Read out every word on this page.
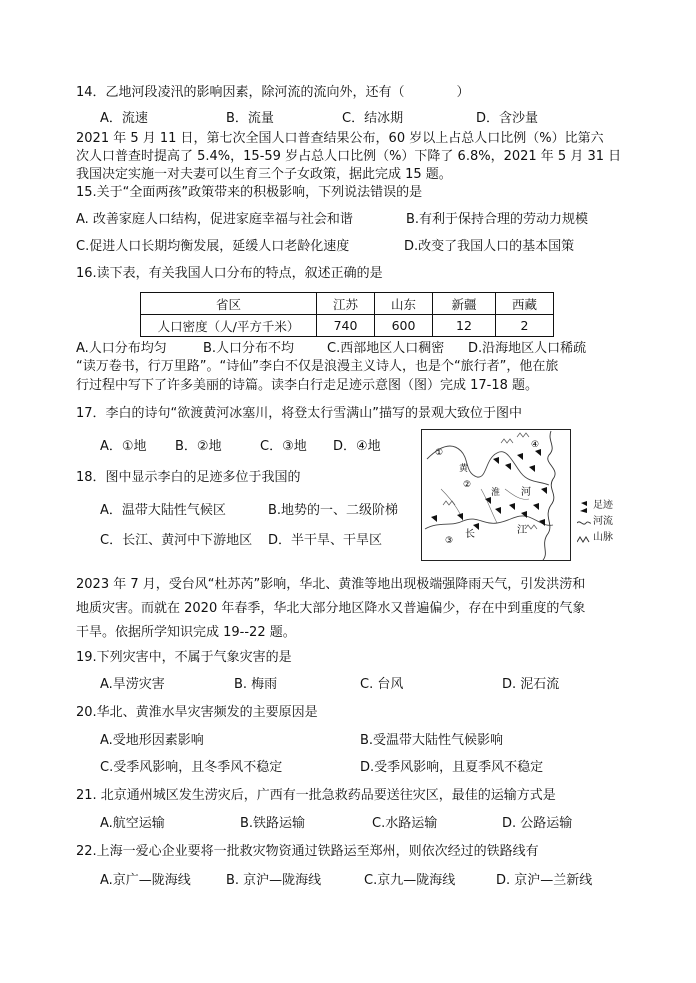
14．乙地河段凌汛的影响因素，除河流的流向外，还有（	）
A．流速	B．流量	C．结冰期	D．含沙量
2021 年 5 月 11 日，第七次全国人口普查结果公布，60 岁以上占总人口比例（%）比第六
次人口普查时提高了 5.4%，15-59 岁占总人口比例（%）下降了 6.8%，2021 年 5 月 31 日
我国决定实施一对夫妻可以生育三个子女政策，据此完成 15 题。
15.关于“全面两孩”政策带来的积极影响，下列说法错误的是
A. 改善家庭人口结构，促进家庭幸福与社会和谐	B.有利于保持合理的劳动力规模
C.促进人口长期均衡发展，延缓人口老龄化速度	D.改变了我国人口的基本国策
16.读下表，有关我国人口分布的特点，叙述正确的是
省区	江苏	山东	新疆	西藏
人口密度（人/平方千米）	740	600	12	2
A.人口分布均匀	B.人口分布不均	C.西部地区人口稠密 D.沿海地区人口稀疏
“读万卷书，行万里路”。“诗仙”李白不仅是浪漫主义诗人，也是个“旅行者”，他在旅
行过程中写下了许多美丽的诗篇。读李白行走足迹示意图（图）完成 17-18 题。
17．李白的诗句“欲渡黄河冰塞川，将登太行雪满山”描写的景观大致位于图中
A．①地 B．②地	C．③地 D．④地
18．图中显示李白的足迹多位于我国的
A．温带大陆性气候区	B.地势的一、二级阶梯
C．长江、黄河中下游地区 D．半干旱、干旱区
黄
河
长	江
淮
①
②
③
④
足迹
河流
山脉
2023 年 7 月，受台风“杜苏芮”影响，华北、黄淮等地出现极端强降雨天气，引发洪涝和
地质灾害。而就在 2020 年春季，华北大部分地区降水又普遍偏少，存在中到重度的气象
干旱。依据所学知识完成 19--22 题。
19.下列灾害中，不属于气象灾害的是
A.旱涝灾害	B. 梅雨	C. 台风	D. 泥石流
20.华北、黄淮水旱灾害频发的主要原因是
A.受地形因素影响	B.受温带大陆性气候影响
C.受季风影响，且冬季风不稳定	D.受季风影响，且夏季风不稳定
21. 北京通州城区发生涝灾后，广西有一批急救药品要送往灾区，最佳的运输方式是
A.航空运输	B.铁路运输	C.水路运输	D. 公路运输
22.上海一爱心企业要将一批救灾物资通过铁路运至郑州，则依次经过的铁路线有
A.京广—陇海线	B. 京沪—陇海线	C.京九—陇海线	D. 京沪—兰新线
